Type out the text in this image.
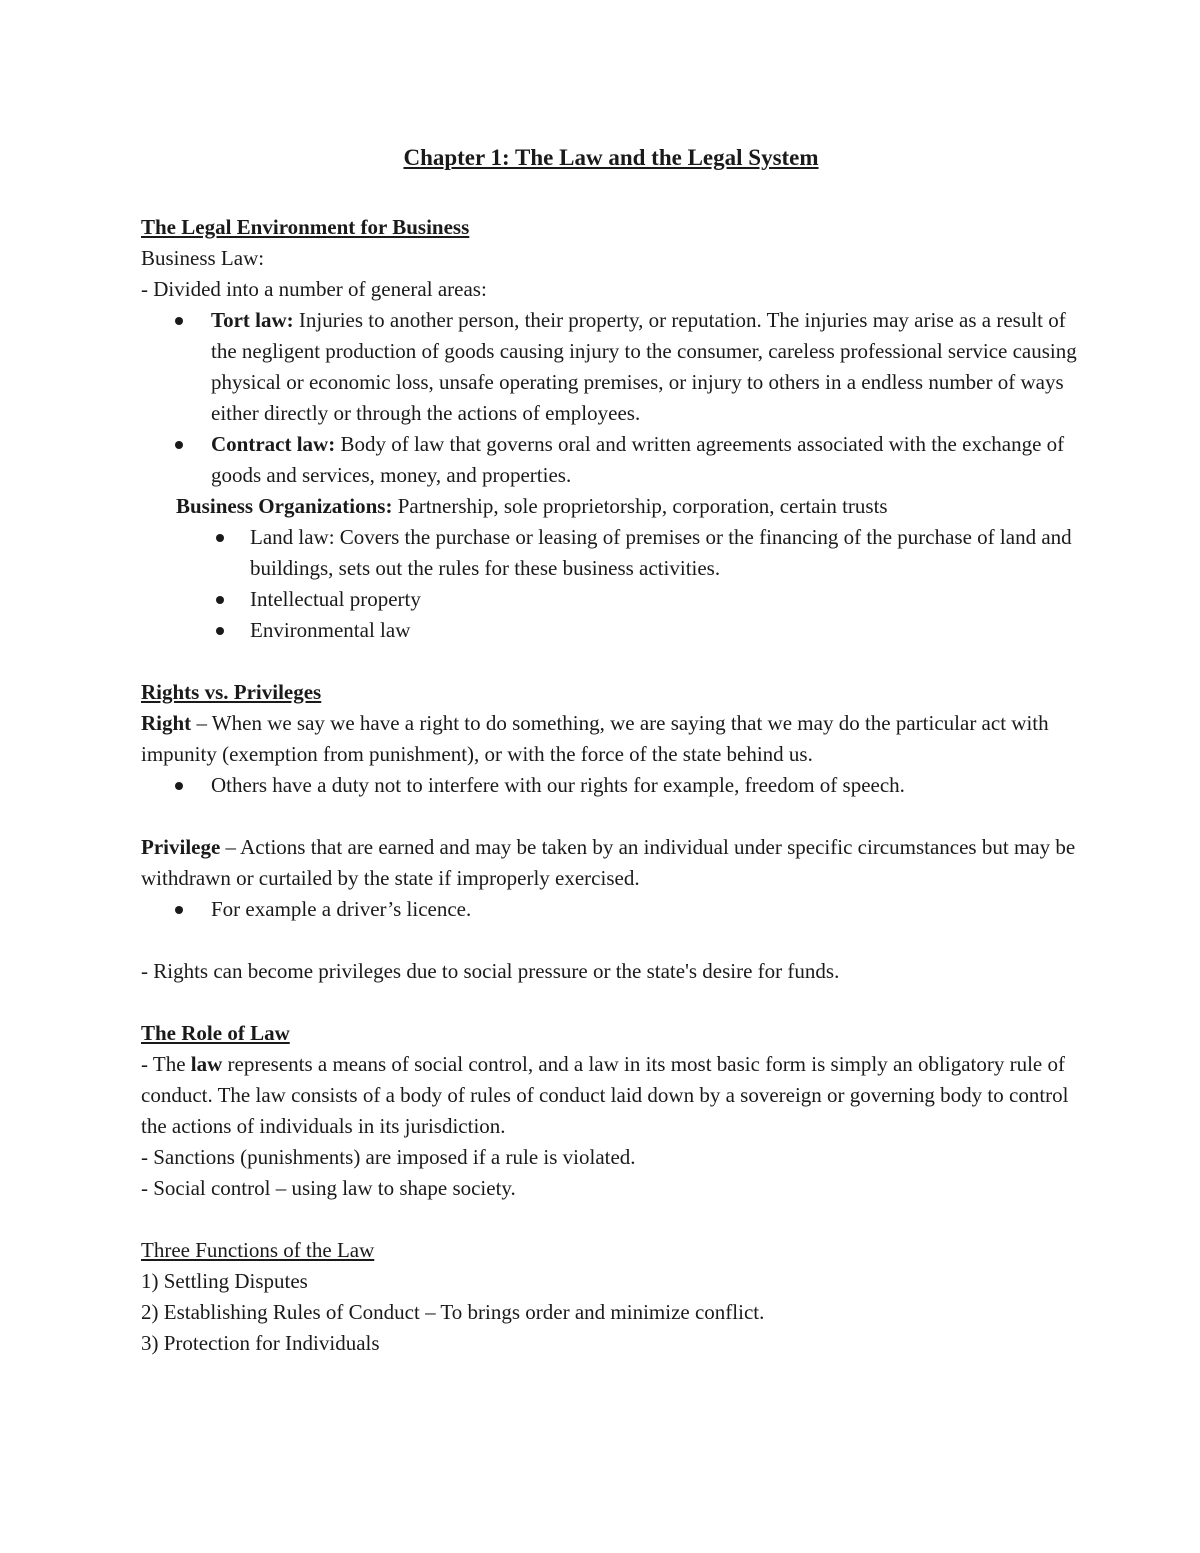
Chapter 1: The Law and the Legal System
The Legal Environment for Business
Business Law:
- Divided into a number of general areas:
Tort law: Injuries to another person, their property, or reputation. The injuries may arise as a result of the negligent production of goods causing injury to the consumer, careless professional service causing physical or economic loss, unsafe operating premises, or injury to others in a endless number of ways either directly or through the actions of employees.
Contract law: Body of law that governs oral and written agreements associated with the exchange of goods and services, money, and properties.
Business Organizations: Partnership, sole proprietorship, corporation, certain trusts
Land law: Covers the purchase or leasing of premises or the financing of the purchase of land and buildings, sets out the rules for these business activities.
Intellectual property
Environmental law
Rights vs. Privileges
Right – When we say we have a right to do something, we are saying that we may do the particular act with impunity (exemption from punishment), or with the force of the state behind us.
Others have a duty not to interfere with our rights for example, freedom of speech.
Privilege – Actions that are earned and may be taken by an individual under specific circumstances but may be withdrawn or curtailed by the state if improperly exercised.
For example a driver’s licence.
- Rights can become privileges due to social pressure or the state's desire for funds.
The Role of Law
- The law represents a means of social control, and a law in its most basic form is simply an obligatory rule of conduct. The law consists of a body of rules of conduct laid down by a sovereign or governing body to control the actions of individuals in its jurisdiction.
- Sanctions (punishments) are imposed if a rule is violated.
- Social control – using law to shape society.
Three Functions of the Law
1) Settling Disputes
2) Establishing Rules of Conduct – To brings order and minimize conflict.
3) Protection for Individuals
